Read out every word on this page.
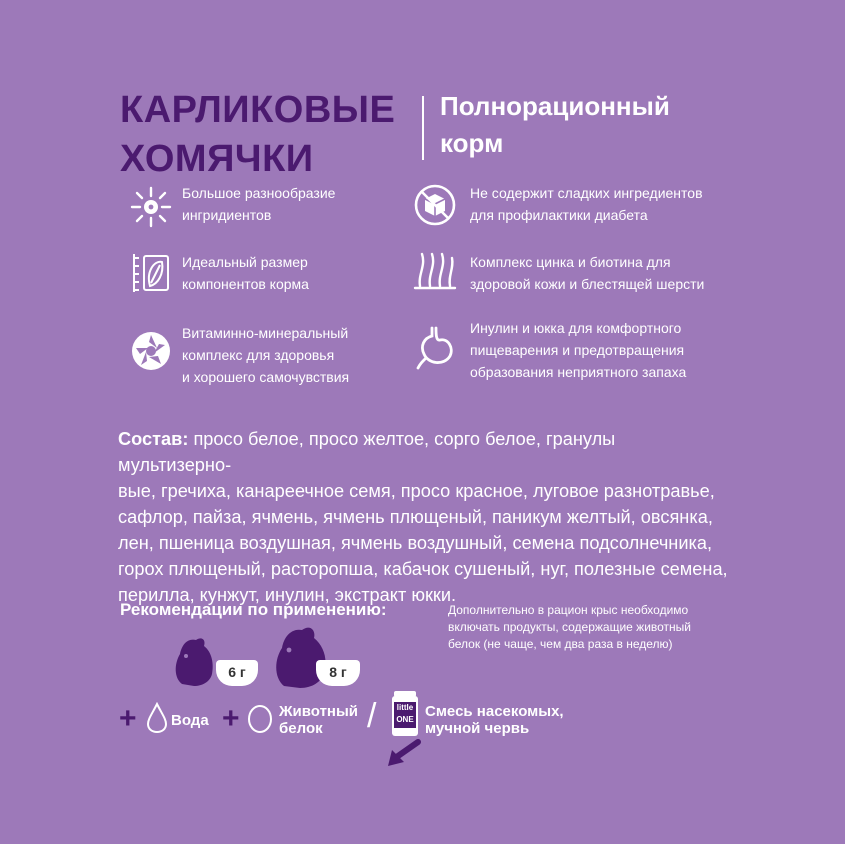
КАРЛИКОВЫЕ
ХОМЯЧКИ
Полнорационный
корм
Большое разнообразие
ингридиентов
Идеальный размер
компонентов корма
Витаминно-минеральный
комплекс для здоровья
и хорошего самочувствия
Не содержит сладких ингредиентов
для профилактики диабета
Комплекс цинка и биотина для
здоровой кожи и блестящей шерсти
Инулин и юкка для комфортного
пищеварения и предотвращения
образования неприятного запаха
Состав: просо белое, просо желтое, сорго белое, гранулы мультизерно-
вые, гречиха, канареечное семя, просо красное, луговое разнотравье,
сафлор, пайза, ячмень, ячмень плющеный, паникум желтый, овсянка,
лен, пшеница воздушная, ячмень воздушный, семена подсолнечника,
горох плющеный, расторопша, кабачок сушеный, нуг, полезные семена,
перилла, кунжут, инулин, экстракт юкки.
Рекомендации по применению:	Дополнительно в рацион крыс необходимо
включать продукты, содержащие животный
белок (не чаще, чем два раза в неделю)
6 г	8 г
+ Вода +	Животный
белок	/	little
ONE Смесь насекомых,
мучной червь
